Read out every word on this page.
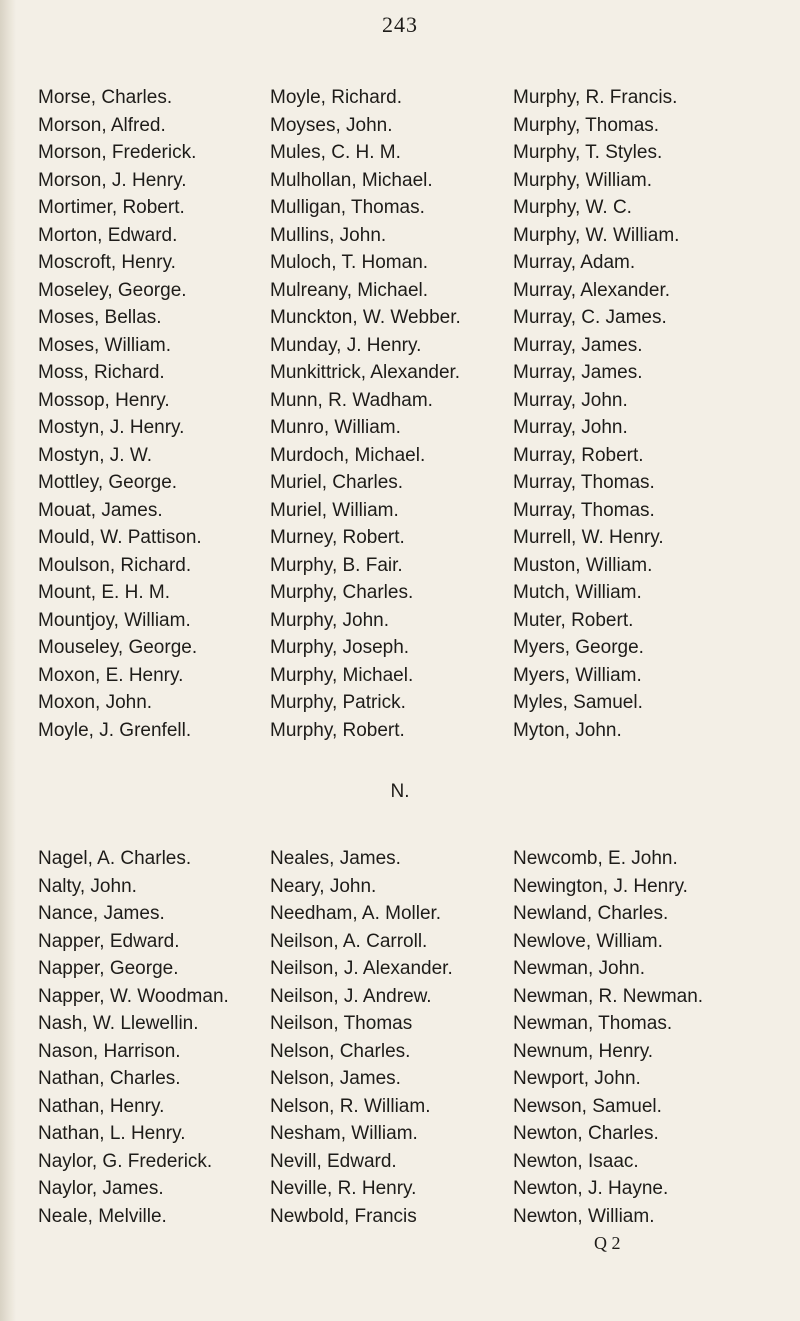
243
Morse, Charles.
Morson, Alfred.
Morson, Frederick.
Morson, J. Henry.
Mortimer, Robert.
Morton, Edward.
Moscroft, Henry.
Moseley, George.
Moses, Bellas.
Moses, William.
Moss, Richard.
Mossop, Henry.
Mostyn, J. Henry.
Mostyn, J. W.
Mottley, George.
Mouat, James.
Mould, W. Pattison.
Moulson, Richard.
Mount, E. H. M.
Mountjoy, William.
Mouseley, George.
Moxon, E. Henry.
Moxon, John.
Moyle, J. Grenfell.
Moyle, Richard.
Moyses, John.
Mules, C. H. M.
Mulhollan, Michael.
Mulligan, Thomas.
Mullins, John.
Muloch, T. Homan.
Mulreany, Michael.
Munckton, W. Webber.
Munday, J. Henry.
Munkittrick, Alexander.
Munn, R. Wadham.
Munro, William.
Murdoch, Michael.
Muriel, Charles.
Muriel, William.
Murney, Robert.
Murphy, B. Fair.
Murphy, Charles.
Murphy, John.
Murphy, Joseph.
Murphy, Michael.
Murphy, Patrick.
Murphy, Robert.
Murphy, R. Francis.
Murphy, Thomas.
Murphy, T. Styles.
Murphy, William.
Murphy, W. C.
Murphy, W. William.
Murray, Adam.
Murray, Alexander.
Murray, C. James.
Murray, James.
Murray, James.
Murray, John.
Murray, John.
Murray, Robert.
Murray, Thomas.
Murray, Thomas.
Murrell, W. Henry.
Muston, William.
Mutch, William.
Muter, Robert.
Myers, George.
Myers, William.
Myles, Samuel.
Myton, John.
N.
Nagel, A. Charles.
Nalty, John.
Nance, James.
Napper, Edward.
Napper, George.
Napper, W. Woodman.
Nash, W. Llewellin.
Nason, Harrison.
Nathan, Charles.
Nathan, Henry.
Nathan, L. Henry.
Naylor, G. Frederick.
Naylor, James.
Neale, Melville.
Neales, James.
Neary, John.
Needham, A. Moller.
Neilson, A. Carroll.
Neilson, J. Alexander.
Neilson, J. Andrew.
Neilson, Thomas
Nelson, Charles.
Nelson, James.
Nelson, R. William.
Nesham, William.
Nevill, Edward.
Neville, R. Henry.
Newbold, Francis
Newcomb, E. John.
Newington, J. Henry.
Newland, Charles.
Newlove, William.
Newman, John.
Newman, R. Newman.
Newman, Thomas.
Newnum, Henry.
Newport, John.
Newson, Samuel.
Newton, Charles.
Newton, Isaac.
Newton, J. Hayne.
Newton, William.
Q 2
